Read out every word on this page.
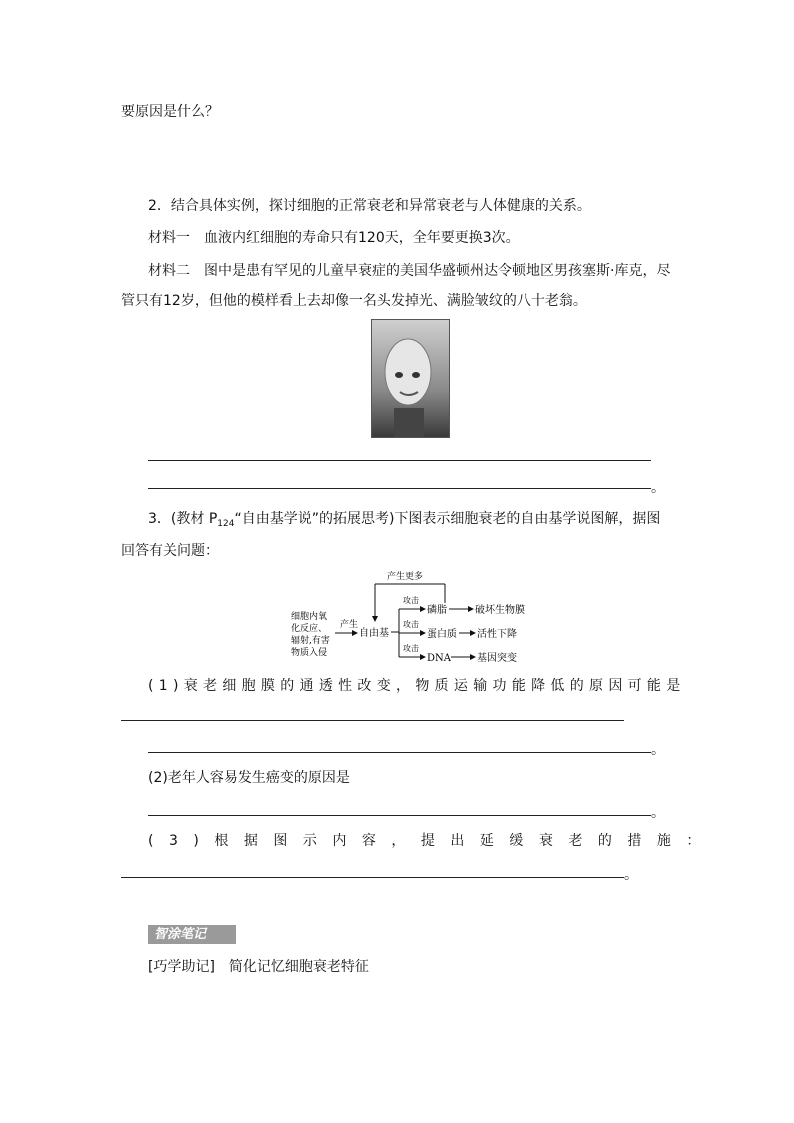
要原因是什么？
2．结合具体实例，探讨细胞的正常衰老和异常衰老与人体健康的关系。
材料一　血液内红细胞的寿命只有120天，全年要更换3次。
材料二　图中是患有罕见的儿童早衰症的美国华盛顿州达令顿地区男孩塞斯·库克，尽
管只有12岁，但他的模样看上去却像一名头发掉光、满脸皱纹的八十老翁。
。
3．(教材 $P_{124}“$自由基学说”的拓展思考)下图表示细胞衰老的自由基学说图解，据图
回答有关问题：
产生更多
细胞内氧
化反应、
辐射,有害
物质入侵
产生
自由基
攻击
磷脂	破坏生物膜
攻击
蛋白质 活性下降
攻击
DNA	基因突变
(1)衰老细胞膜的通透性改变，物质运输功能降低的原因可能是
。
(2)老年人容易发生癌变的原因是
。
(3)根据图示内容，提出延缓衰老的措施：
。
智涂笔记
[巧学助记]　简化记忆细胞衰老特征
